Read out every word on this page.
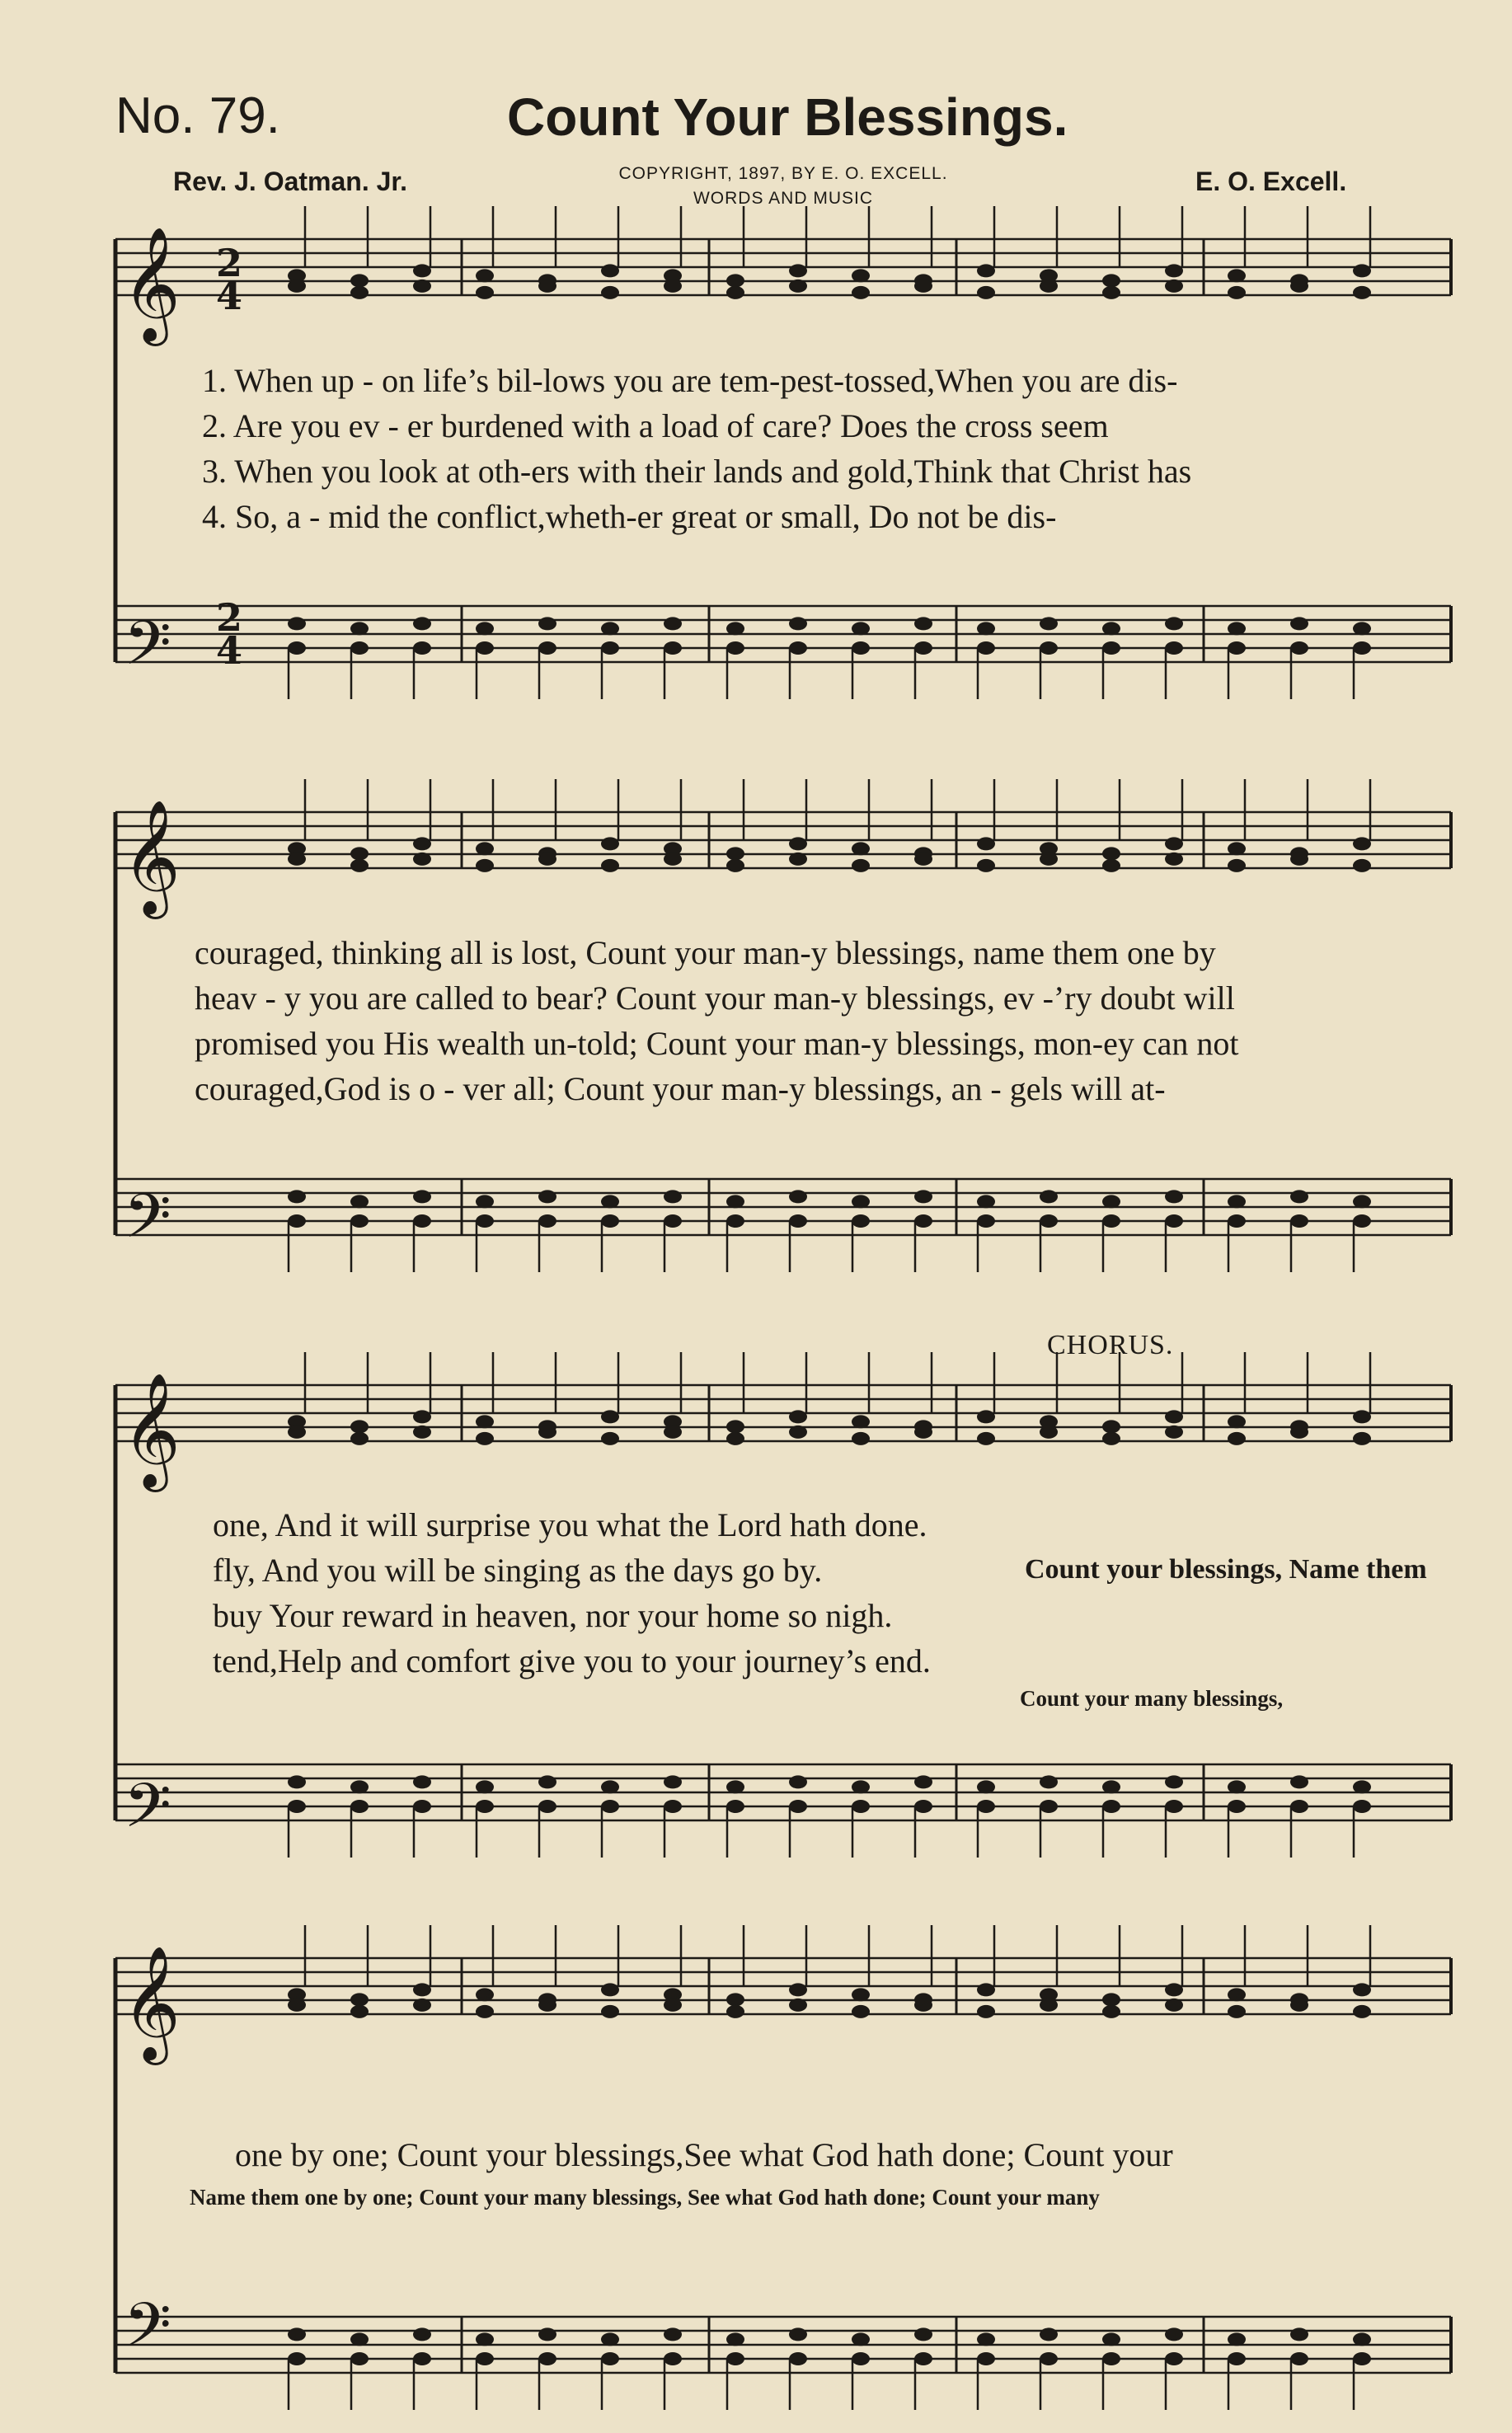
No. 79.	Count Your Blessings.
Rev. J. Oatman. Jr.	COPYRIGHT, 1897, BY E. O. EXCELL.
WORDS AND MUSIC
E. O. Excell.
𝄞
𝄞
𝄞
𝄞
𝄢
𝄢
𝄢
𝄢
2
4
2
4
1. When up - on life’s bil-lows you are tem-pest-tossed,When you are dis-
2. Are you ev - er burdened with a load of care? Does the cross seem
3. When you look at oth-ers with their lands and gold,Think that Christ has
4. So, a - mid the conflict,wheth-er great or small, Do not be dis-
couraged, thinking all is lost, Count your man-y blessings, name them one by
heav - y you are called to bear? Count your man-y blessings, ev -’ry doubt will
promised you His wealth un-told; Count your man-y blessings, mon-ey can not
couraged,God is o - ver all; Count your man-y blessings, an - gels will at-
CHORUS.
one, And it will surprise you what the Lord hath done.
fly, And you will be singing as the days go by.
buy Your reward in heaven, nor your home so nigh.
tend,Help and comfort give you to your journey’s end.
Count your blessings, Name them
Count your many blessings,
one by one; Count your blessings,See what God hath done; Count your
Name them one by one; Count your many blessings, See what God hath done; Count your many
